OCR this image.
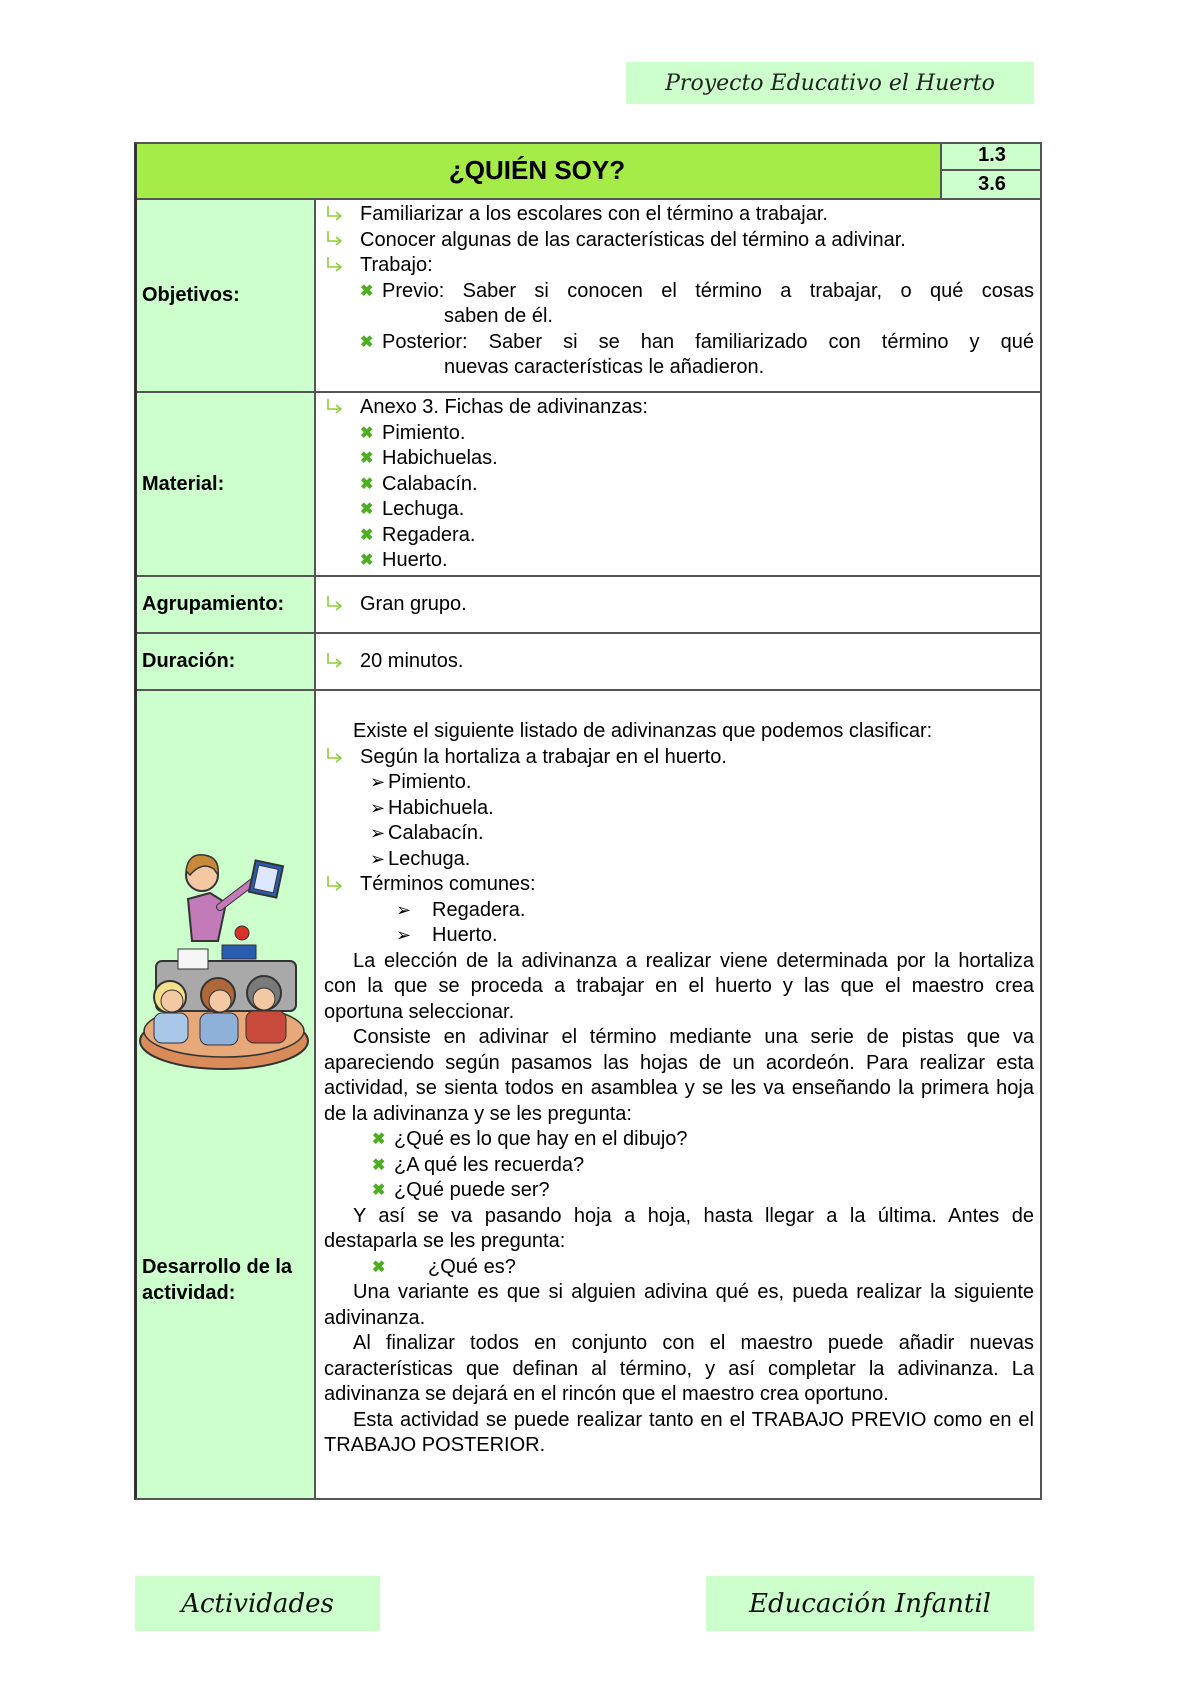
Proyecto Educativo el Huerto
¿QUIÉN SOY?	1.3
3.6
Objetivos:
Familiarizar a los escolares con el término a trabajar.
Conocer algunas de las características del término a adivinar.
Trabajo:
✖ Previo: Saber si conocen el término a trabajar, o qué cosas
saben de él.
✖ Posterior: Saber si se han familiarizado con término y qué
nuevas características le añadieron.
Material:
Anexo 3. Fichas de adivinanzas:
✖ Pimiento.
✖ Habichuelas.
✖ Calabacín.
✖ Lechuga.
✖ Regadera.
✖ Huerto.
Agrupamiento:	Gran grupo.
Duración:	20 minutos.
Desarrollo de la actividad:
Existe el siguiente listado de adivinanzas que podemos clasificar:
Según la hortaliza a trabajar en el huerto.
➢ Pimiento.
➢ Habichuela.
➢ Calabacín.
➢ Lechuga.
Términos comunes:
➢	Regadera.
➢	Huerto.
La elección de la adivinanza a realizar viene determinada por la hortaliza con la que se proceda a trabajar en el huerto y las que el maestro crea oportuna seleccionar.
Consiste en adivinar el término mediante una serie de pistas que va apareciendo según pasamos las hojas de un acordeón. Para realizar esta actividad, se sienta todos en asamblea y se les va enseñando la primera hoja de la adivinanza y se les pregunta:
✖ ¿Qué es lo que hay en el dibujo?
✖ ¿A qué les recuerda?
✖ ¿Qué puede ser?
Y así se va pasando hoja a hoja, hasta llegar a la última. Antes de destaparla se les pregunta:
✖	¿Qué es?
Una variante es que si alguien adivina qué es, pueda realizar la siguiente adivinanza.
Al finalizar todos en conjunto con el maestro puede añadir nuevas características que definan al término, y así completar la adivinanza. La adivinanza se dejará en el rincón que el maestro crea oportuno.
Esta actividad se puede realizar tanto en el TRABAJO PREVIO como en el TRABAJO POSTERIOR.
Actividades	Educación Infantil
